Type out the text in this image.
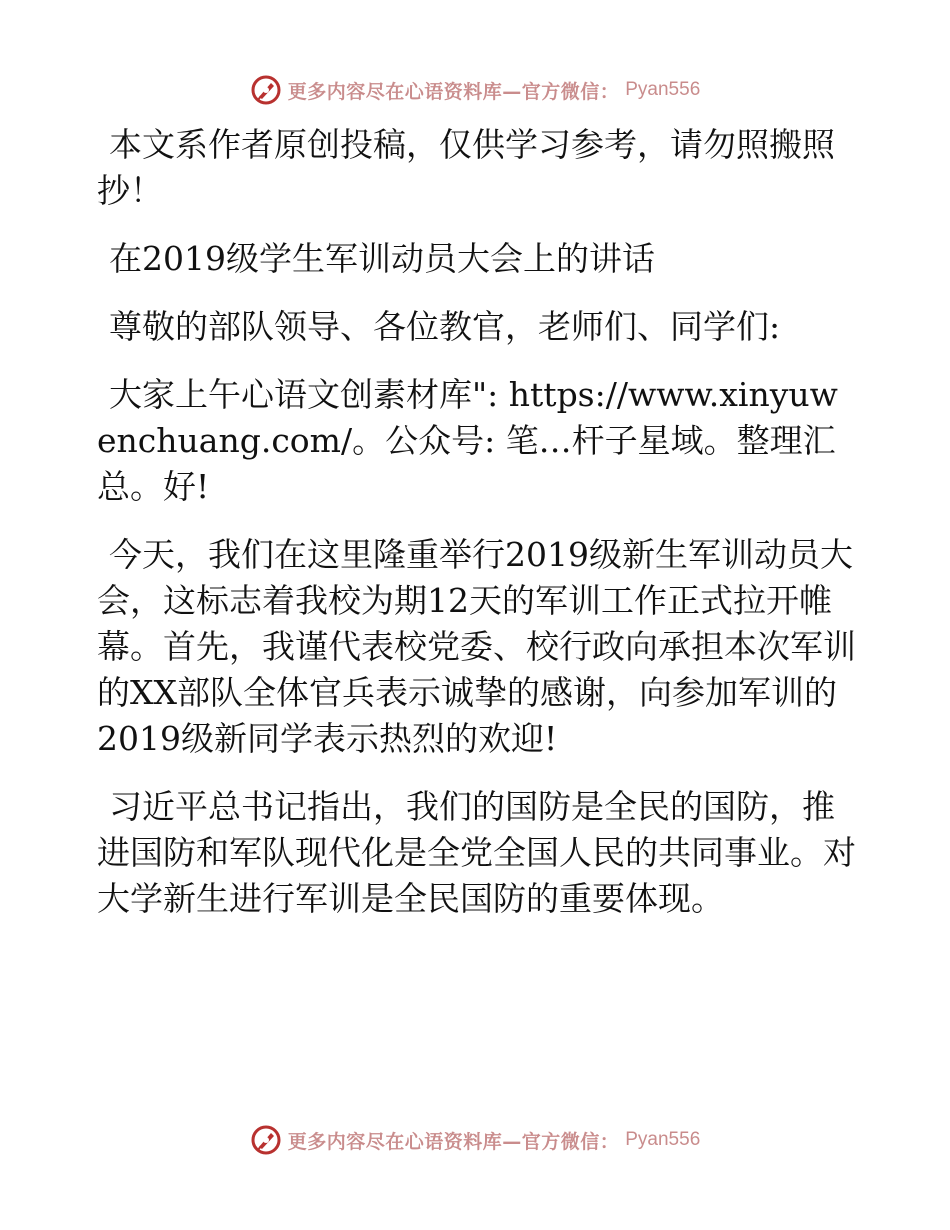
更多内容尽在心语资料库—官方微信： Pyan556

本文系作者原创投稿，仅供学习参考，请勿照搬照抄！

在2019级学生军训动员大会上的讲话

尊敬的部队领导、各位教官，老师们、同学们:

大家上午心语文创素材库": https://www.xinyuwenchuang.com/。公众号: 笔…杆子星域。整理汇总。好!

今天，我们在这里隆重举行2019级新生军训动员大会，这标志着我校为期12天的军训工作正式拉开帷幕。首先，我谨代表校党委、校行政向承担本次军训的XX部队全体官兵表示诚挚的感谢，向参加军训的2019级新同学表示热烈的欢迎!

习近平总书记指出，我们的国防是全民的国防，推进国防和军队现代化是全党全国人民的共同事业。对大学新生进行军训是全民国防的重要体现。

更多内容尽在心语资料库—官方微信： Pyan556
